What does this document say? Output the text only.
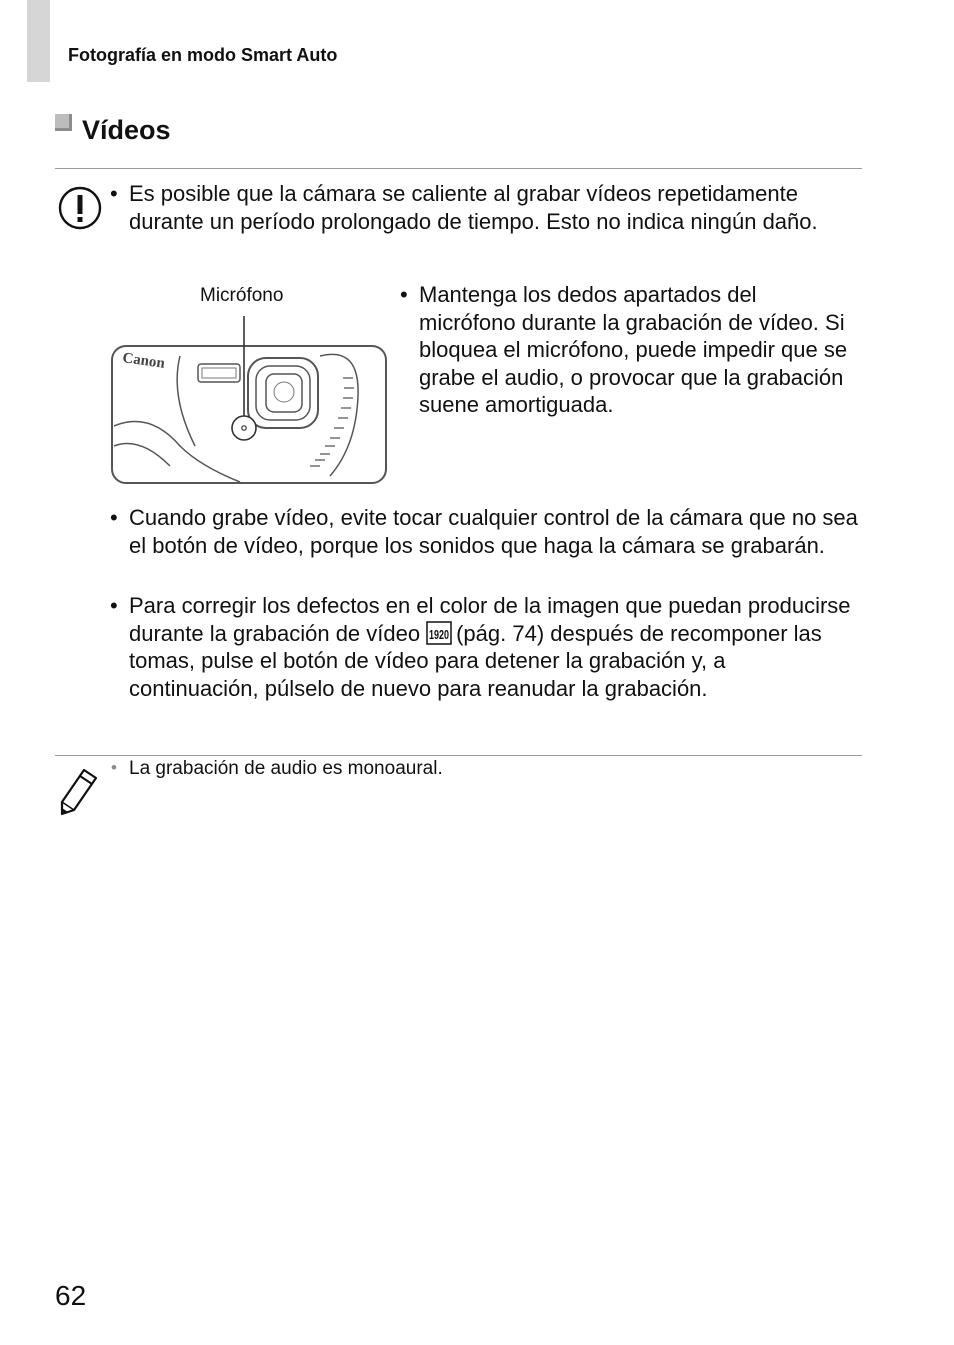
Fotografía en modo Smart Auto
Vídeos
• Es posible que la cámara se caliente al grabar vídeos repetidamente durante un período prolongado de tiempo. Esto no indica ningún daño.
Micrófono
Canon
• Mantenga los dedos apartados del micrófono durante la grabación de vídeo. Si bloquea el micrófono, puede impedir que se grabe el audio, o provocar que la grabación suene amortiguada.
• Cuando grabe vídeo, evite tocar cualquier control de la cámara que no sea el botón de vídeo, porque los sonidos que haga la cámara se grabarán.
• Para corregir los defectos en el color de la imagen que puedan producirse durante la grabación de vídeo 1920 (pág. 74) después de recomponer las tomas, pulse el botón de vídeo para detener la grabación y, a continuación, púlselo de nuevo para reanudar la grabación.
• La grabación de audio es monoaural.
62
